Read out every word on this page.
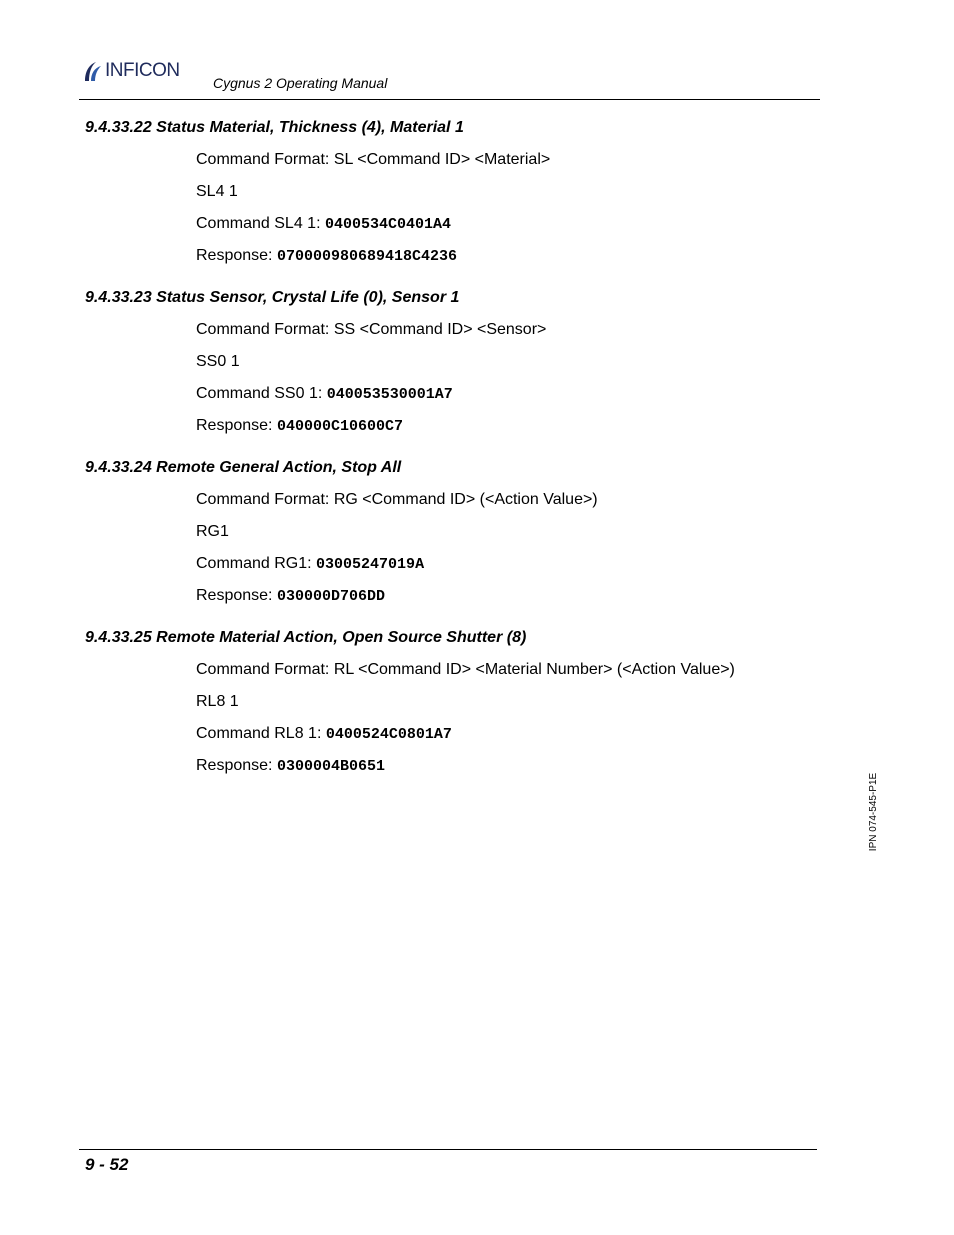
INFICON
Cygnus 2 Operating Manual
9.4.33.22 Status Material, Thickness (4), Material 1
Command Format: SL <Command ID> <Material>
SL4 1
Command SL4 1: 0400534C0401A4
Response: 070000980689418C4236
9.4.33.23 Status Sensor, Crystal Life (0), Sensor 1
Command Format: SS <Command ID> <Sensor>
SS0 1
Command SS0 1: 040053530001A7
Response: 040000C10600C7
9.4.33.24 Remote General Action, Stop All
Command Format: RG <Command ID> (<Action Value>)
RG1
Command RG1: 03005247019A
Response: 030000D706DD
9.4.33.25 Remote Material Action, Open Source Shutter (8)
Command Format: RL <Command ID> <Material Number> (<Action Value>)
RL8 1
Command RL8 1: 0400524C0801A7
Response: 0300004B0651
IPN 074-545-P1E
9 - 52
